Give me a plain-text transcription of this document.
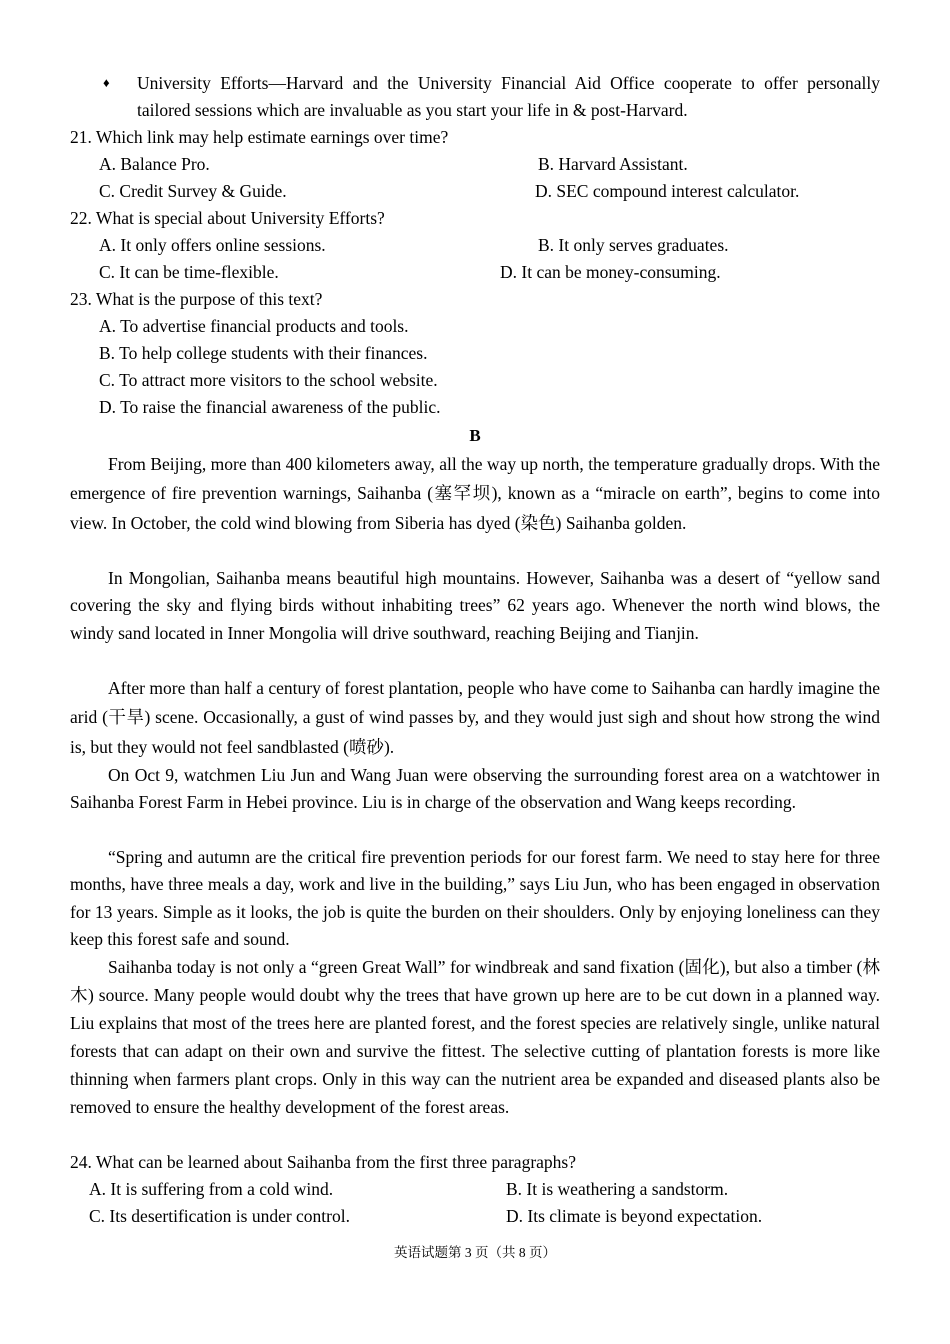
♦ University Efforts—Harvard and the University Financial Aid Office cooperate to offer personally tailored sessions which are invaluable as you start your life in & post-Harvard.
21. Which link may help estimate earnings over time?
A. Balance Pro.	B. Harvard Assistant.
C. Credit Survey & Guide.	D. SEC compound interest calculator.
22. What is special about University Efforts?
A. It only offers online sessions.	B. It only serves graduates.
C. It can be time-flexible.	D. It can be money-consuming.
23. What is the purpose of this text?
A. To advertise financial products and tools.
B. To help college students with their finances.
C. To attract more visitors to the school website.
D. To raise the financial awareness of the public.
B
From Beijing, more than 400 kilometers away, all the way up north, the temperature gradually drops. With the emergence of fire prevention warnings, Saihanba (塞罕坝), known as a “miracle on earth”, begins to come into view. In October, the cold wind blowing from Siberia has dyed (染色) Saihanba golden.
In Mongolian, Saihanba means beautiful high mountains. However, Saihanba was a desert of “yellow sand covering the sky and flying birds without inhabiting trees” 62 years ago. Whenever the north wind blows, the windy sand located in Inner Mongolia will drive southward, reaching Beijing and Tianjin.
After more than half a century of forest plantation, people who have come to Saihanba can hardly imagine the arid (干旱) scene. Occasionally, a gust of wind passes by, and they would just sigh and shout how strong the wind is, but they would not feel sandblasted (喷砂).
On Oct 9, watchmen Liu Jun and Wang Juan were observing the surrounding forest area on a watchtower in Saihanba Forest Farm in Hebei province. Liu is in charge of the observation and Wang keeps recording.
“Spring and autumn are the critical fire prevention periods for our forest farm. We need to stay here for three months, have three meals a day, work and live in the building,” says Liu Jun, who has been engaged in observation for 13 years. Simple as it looks, the job is quite the burden on their shoulders. Only by enjoying loneliness can they keep this forest safe and sound.
Saihanba today is not only a “green Great Wall” for windbreak and sand fixation (固化), but also a timber (林木) source. Many people would doubt why the trees that have grown up here are to be cut down in a planned way. Liu explains that most of the trees here are planted forest, and the forest species are relatively single, unlike natural forests that can adapt on their own and survive the fittest. The selective cutting of plantation forests is more like thinning when farmers plant crops. Only in this way can the nutrient area be expanded and diseased plants also be removed to ensure the healthy development of the forest areas.
24. What can be learned about Saihanba from the first three paragraphs?
A. It is suffering from a cold wind.	B. It is weathering a sandstorm.
C. Its desertification is under control.	D. Its climate is beyond expectation.
英语试题第 3 页（共 8 页）
